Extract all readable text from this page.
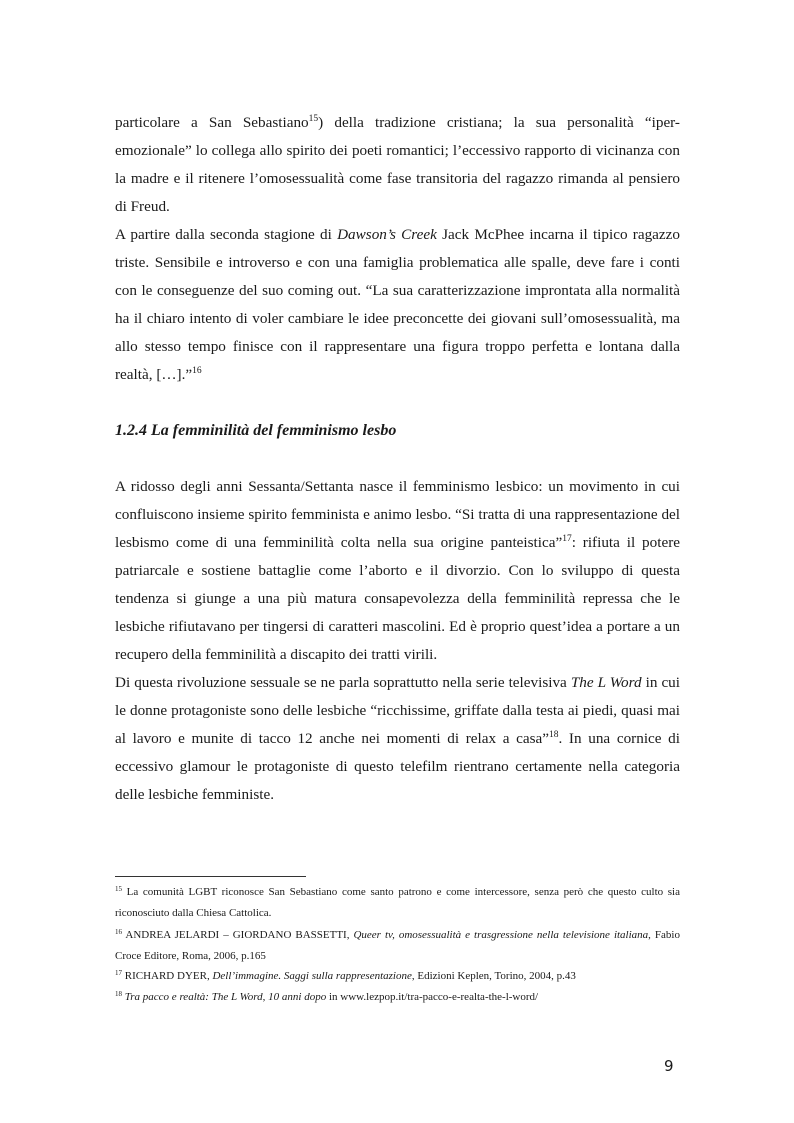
particolare a San Sebastiano$^{15}$) della tradizione cristiana; la sua personalità “iper-emozionale” lo collega allo spirito dei poeti romantici; l’eccessivo rapporto di vicinanza con la madre e il ritenere l’omosessualità come fase transitoria del ragazzo rimanda al pensiero di Freud.

A partire dalla seconda stagione di Dawson’s Creek Jack McPhee incarna il tipico ragazzo triste. Sensibile e introverso e con una famiglia problematica alle spalle, deve fare i conti con le conseguenze del suo coming out. “La sua caratterizzazione improntata alla normalità ha il chiaro intento di voler cambiare le idee preconcette dei giovani sull’omosessualità, ma allo stesso tempo finisce con il rappresentare una figura troppo perfetta e lontana dalla realtà, […].”$^{16}$

1.2.4 La femminilità del femminismo lesbo

A ridosso degli anni Sessanta/Settanta nasce il femminismo lesbico: un movimento in cui confluiscono insieme spirito femminista e animo lesbo. “Si tratta di una rappresentazione del lesbismo come di una femminilità colta nella sua origine panteistica”$^{17}$: rifiuta il potere patriarcale e sostiene battaglie come l’aborto e il divorzio. Con lo sviluppo di questa tendenza si giunge a una più matura consapevolezza della femminilità repressa che le lesbiche rifiutavano per tingersi di caratteri mascolini. Ed è proprio quest’idea a portare a un recupero della femminilità a discapito dei tratti virili.

Di questa rivoluzione sessuale se ne parla soprattutto nella serie televisiva The L Word in cui le donne protagoniste sono delle lesbiche “ricchissime, griffate dalla testa ai piedi, quasi mai al lavoro e munite di tacco 12 anche nei momenti di relax a casa”$^{18}$. In una cornice di eccessivo glamour le protagoniste di questo telefilm rientrano certamente nella categoria delle lesbiche femministe.

$^{15}$ La comunità LGBT riconosce San Sebastiano come santo patrono e come intercessore, senza però che questo culto sia riconosciuto dalla Chiesa Cattolica.
$^{16}$ ANDREA JELARDI – GIORDANO BASSETTI, Queer tv, omosessualità e trasgressione nella televisione italiana, Fabio Croce Editore, Roma, 2006, p.165
$^{17}$ RICHARD DYER, Dell’immagine. Saggi sulla rappresentazione, Edizioni Keplen, Torino, 2004, p.43
$^{18}$ Tra pacco e realtà: The L Word, 10 anni dopo in www.lezpop.it/tra-pacco-e-realta-the-l-word/
9
